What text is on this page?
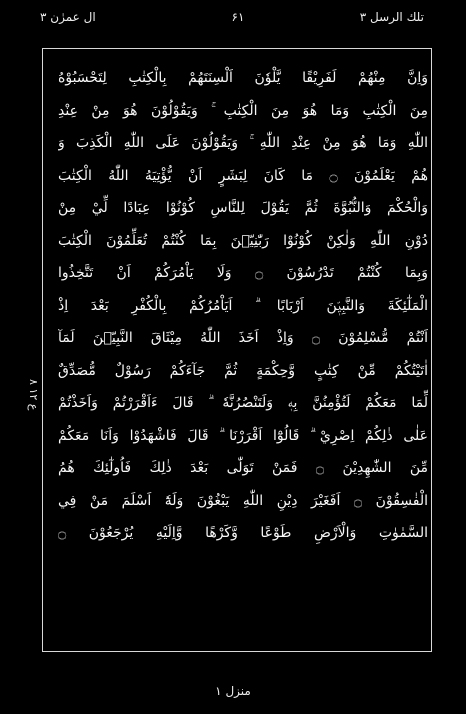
ال عمرٰن ۳	۶۱	تلك الرسل ۳
ع ۱۲ ۸
وَاِنَّ مِنْهُمْ لَفَرِيْقًا يَّلْوٗنَ اَلْسِنَتَهُمْ بِالْكِتٰبِ لِتَحْسَبُوْهُ
مِنَ الْكِتٰبِ وَمَا هُوَ مِنَ الْكِتٰبِ ۚ وَيَقُوْلُوْنَ هُوَ مِنْ عِنْدِ
اللّٰهِ وَمَا هُوَ مِنْ عِنْدِ اللّٰهِ ۚ وَيَقُوْلُوْنَ عَلَى اللّٰهِ الْكَذِبَ وَ
هُمْ يَعْلَمُوْنَ ۝ مَا كَانَ لِبَشَرٍ اَنْ يُّؤْتِيَهُ اللّٰهُ الْكِتٰبَ
وَالْحُكْمَ وَالنُّبُوَّةَ ثُمَّ يَقُوْلَ لِلنَّاسِ كُوْنُوْا عِبَادًا لِّيْ مِنْ
دُوْنِ اللّٰهِ وَلٰكِنْ كُوْنُوْا رَبّٰنِيّٖنَ بِمَا كُنْتُمْ تُعَلِّمُوْنَ الْكِتٰبَ
وَبِمَا كُنْتُمْ تَدْرُسُوْنَ ۝ وَلَا يَاْمُرَكُمْ اَنْ تَتَّخِذُوا
الْمَلٰٓئِكَةَ وَالنَّبِيّٖنَ اَرْبَابًا ۗ اَيَاْمُرُكُمْ بِالْكُفْرِ بَعْدَ اِذْ
اَنْتُمْ مُّسْلِمُوْنَ ۝ وَاِذْ اَخَذَ اللّٰهُ مِيْثَاقَ النَّبِيّٖنَ لَمَآ
اٰتَيْتُكُمْ مِّنْ كِتٰبٍ وَّحِكْمَةٍ ثُمَّ جَآءَكُمْ رَسُوْلٌ مُّصَدِّقٌ
لِّمَا مَعَكُمْ لَتُؤْمِنُنَّ بِهٖ وَلَتَنْصُرُنَّهٗ ۗ قَالَ ءَاَقْرَرْتُمْ وَاَخَذْتُمْ
عَلٰى ذٰلِكُمْ اِصْرِيْ ۗ قَالُوْٓا اَقْرَرْنَا ۗ قَالَ فَاشْهَدُوْا وَاَنَا مَعَكُمْ
مِّنَ الشّٰهِدِيْنَ ۝ فَمَنْ تَوَلّٰى بَعْدَ ذٰلِكَ فَاُولٰٓئِكَ هُمُ
الْفٰسِقُوْنَ ۝ اَفَغَيْرَ دِيْنِ اللّٰهِ يَبْغُوْنَ وَلَهٗٓ اَسْلَمَ مَنْ فِي
السَّمٰوٰتِ وَالْاَرْضِ طَوْعًا وَّكَرْهًا وَّاِلَيْهِ يُرْجَعُوْنَ ۝
منزل ۱
